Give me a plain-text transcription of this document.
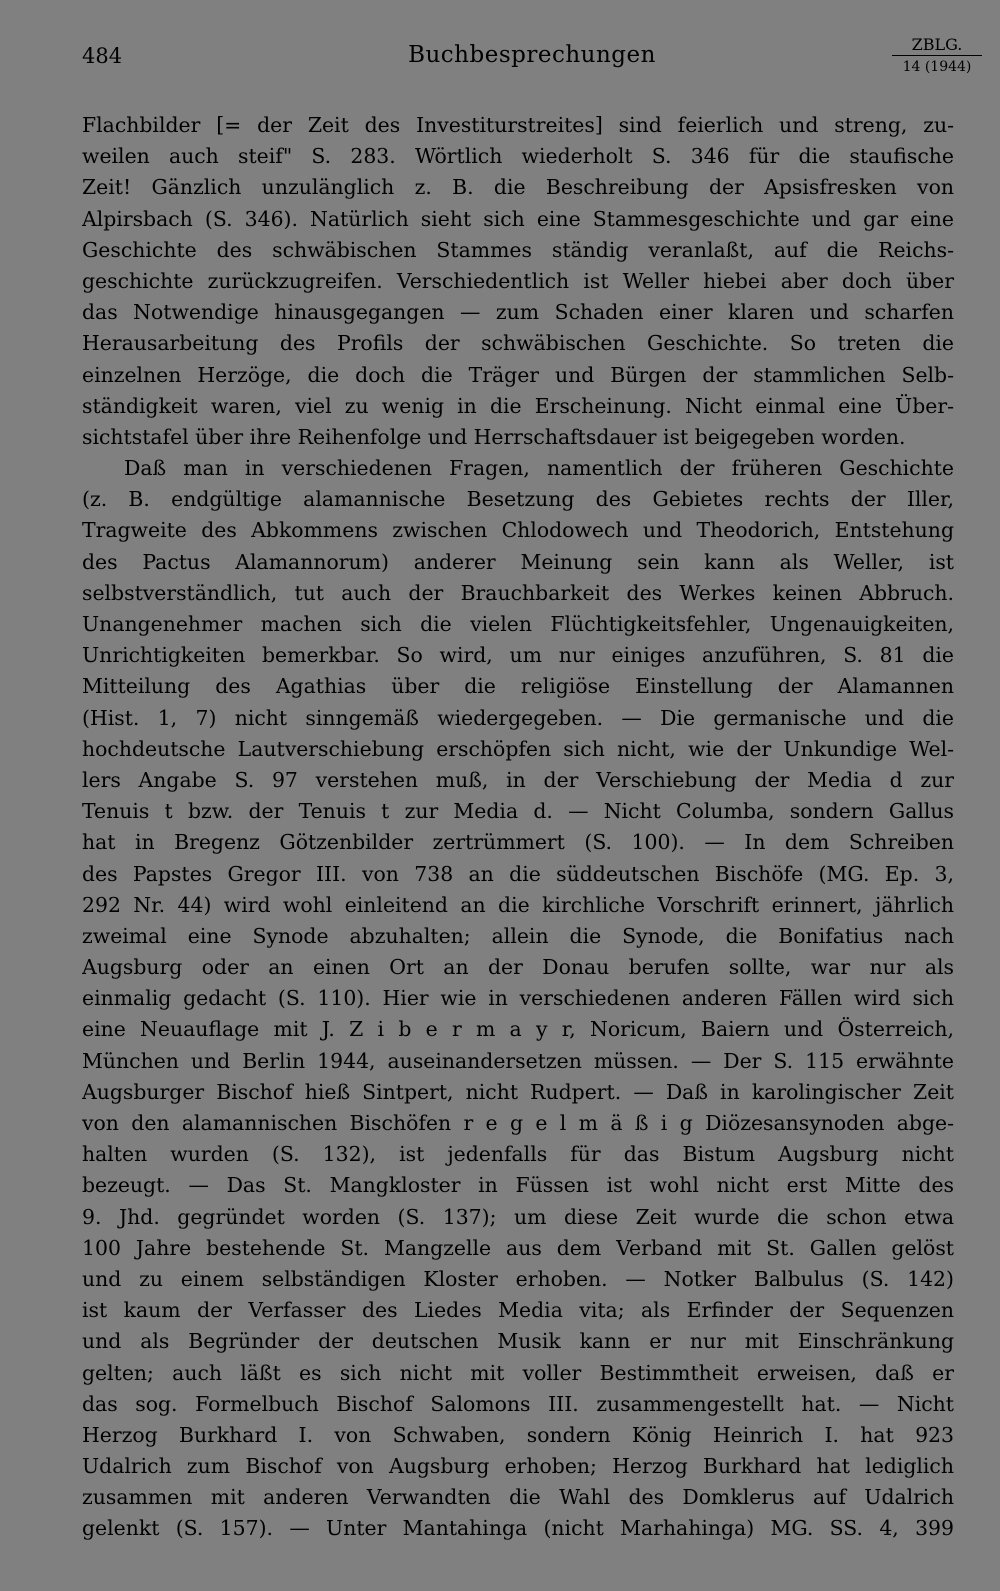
484	Buchbesprechungen	ZBLG.
14 (1944)
Flachbilder [= der Zeit des Investiturstreites] sind feierlich und streng, zu-
weilen auch steif" S. 283. Wörtlich wiederholt S. 346 für die staufische
Zeit! Gänzlich unzulänglich z. B. die Beschreibung der Apsisfresken von
Alpirsbach (S. 346). Natürlich sieht sich eine Stammesgeschichte und gar eine
Geschichte des schwäbischen Stammes ständig veranlaßt, auf die Reichs-
geschichte zurückzugreifen. Verschiedentlich ist Weller hiebei aber doch über
das Notwendige hinausgegangen — zum Schaden einer klaren und scharfen
Herausarbeitung des Profils der schwäbischen Geschichte. So treten die
einzelnen Herzöge, die doch die Träger und Bürgen der stammlichen Selb-
ständigkeit waren, viel zu wenig in die Erscheinung. Nicht einmal eine Über-
sichtstafel über ihre Reihenfolge und Herrschaftsdauer ist beigegeben worden.
Daß man in verschiedenen Fragen, namentlich der früheren Geschichte
(z. B. endgültige alamannische Besetzung des Gebietes rechts der Iller,
Tragweite des Abkommens zwischen Chlodowech und Theodorich, Entstehung
des Pactus Alamannorum) anderer Meinung sein kann als Weller, ist
selbstverständlich, tut auch der Brauchbarkeit des Werkes keinen Abbruch.
Unangenehmer machen sich die vielen Flüchtigkeitsfehler, Ungenauigkeiten,
Unrichtigkeiten bemerkbar. So wird, um nur einiges anzuführen, S. 81 die
Mitteilung des Agathias über die religiöse Einstellung der Alamannen
(Hist. 1, 7) nicht sinngemäß wiedergegeben. — Die germanische und die
hochdeutsche Lautverschiebung erschöpfen sich nicht, wie der Unkundige Wel-
lers Angabe S. 97 verstehen muß, in der Verschiebung der Media d zur
Tenuis t bzw. der Tenuis t zur Media d. — Nicht Columba, sondern Gallus
hat in Bregenz Götzenbilder zertrümmert (S. 100). — In dem Schreiben
des Papstes Gregor III. von 738 an die süddeutschen Bischöfe (MG. Ep. 3,
292 Nr. 44) wird wohl einleitend an die kirchliche Vorschrift erinnert, jährlich
zweimal eine Synode abzuhalten; allein die Synode, die Bonifatius nach
Augsburg oder an einen Ort an der Donau berufen sollte, war nur als
einmalig gedacht (S. 110). Hier wie in verschiedenen anderen Fällen wird sich
eine Neuauflage mit J. Z i b e r m a y r, Noricum, Baiern und Österreich,
München und Berlin 1944, auseinandersetzen müssen. — Der S. 115 erwähnte
Augsburger Bischof hieß Sintpert, nicht Rudpert. — Daß in karolingischer Zeit
von den alamannischen Bischöfen r e g e l m ä ß i g Diözesansynoden abge-
halten wurden (S. 132), ist jedenfalls für das Bistum Augsburg nicht
bezeugt. — Das St. Mangkloster in Füssen ist wohl nicht erst Mitte des
9. Jhd. gegründet worden (S. 137); um diese Zeit wurde die schon etwa
100 Jahre bestehende St. Mangzelle aus dem Verband mit St. Gallen gelöst
und zu einem selbständigen Kloster erhoben. — Notker Balbulus (S. 142)
ist kaum der Verfasser des Liedes Media vita; als Erfinder der Sequenzen
und als Begründer der deutschen Musik kann er nur mit Einschränkung
gelten; auch läßt es sich nicht mit voller Bestimmtheit erweisen, daß er
das sog. Formelbuch Bischof Salomons III. zusammengestellt hat. — Nicht
Herzog Burkhard I. von Schwaben, sondern König Heinrich I. hat 923
Udalrich zum Bischof von Augsburg erhoben; Herzog Burkhard hat lediglich
zusammen mit anderen Verwandten die Wahl des Domklerus auf Udalrich
gelenkt (S. 157). — Unter Mantahinga (nicht Marhahinga) MG. SS. 4, 399
